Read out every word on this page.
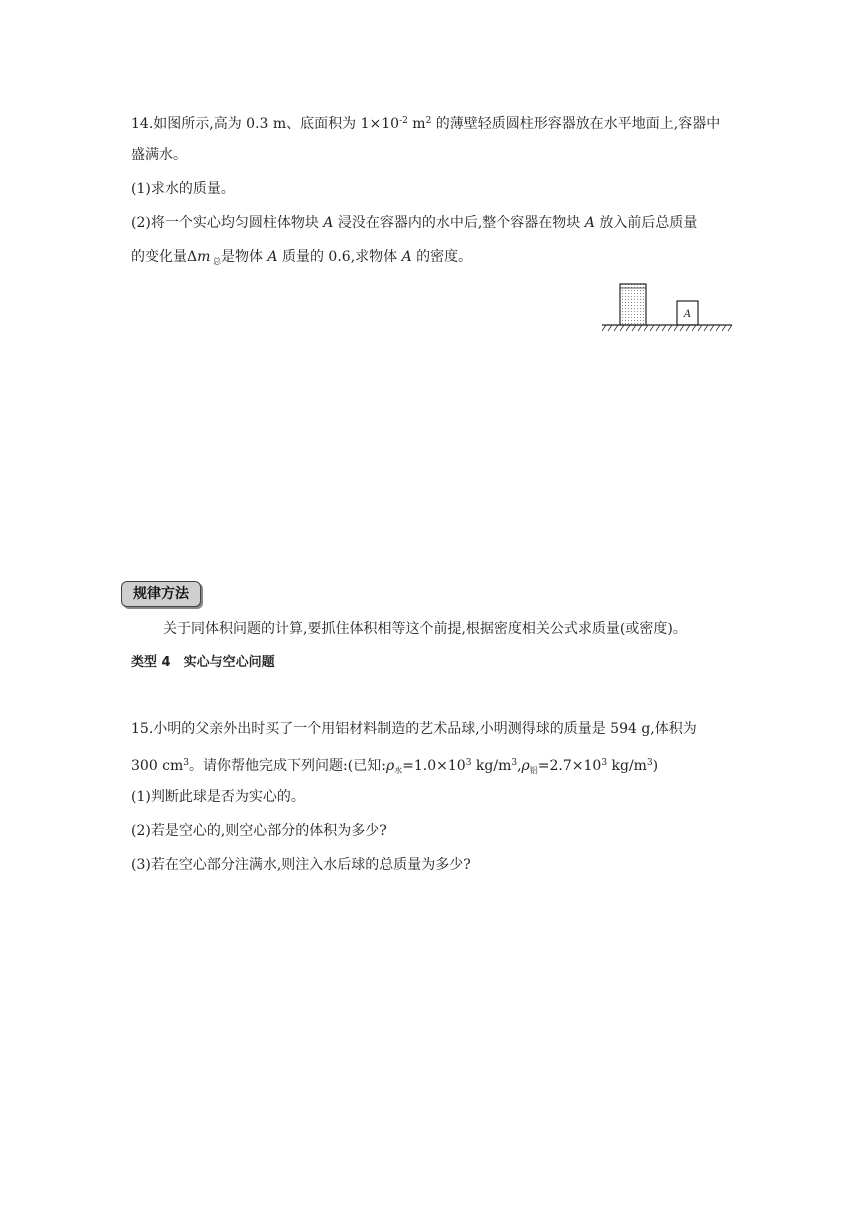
14.如图所示,高为 0.3 m、底面积为 $1\times 10^{-2}$ $m^2$ 的薄壁轻质圆柱形容器放在水平地面上,容器中
盛满水。
(1)求水的质量。
(2)将一个实心均匀圆柱体物块 A 浸没在容器内的水中后,整个容器在物块 A 放入前后总质量
的变化量Δm $_总$是物体 A 质量的 0.6,求物体 A 的密度。
A
规律方法
关于同体积问题的计算,要抓住体积相等这个前提,根据密度相关公式求质量(或密度)。
类型 4　实心与空心问题
15.小明的父亲外出时买了一个用铝材料制造的艺术品球,小明测得球的质量是 594 g,体积为
300 $cm^3$。请你帮他完成下列问题:(已知$:\rho_水=1.0\times 10^3$ $kg/m^3,\rho_铝=2.7\times 10^3$ $kg/m^3$)
(1)判断此球是否为实心的。
(2)若是空心的,则空心部分的体积为多少?
(3)若在空心部分注满水,则注入水后球的总质量为多少?
